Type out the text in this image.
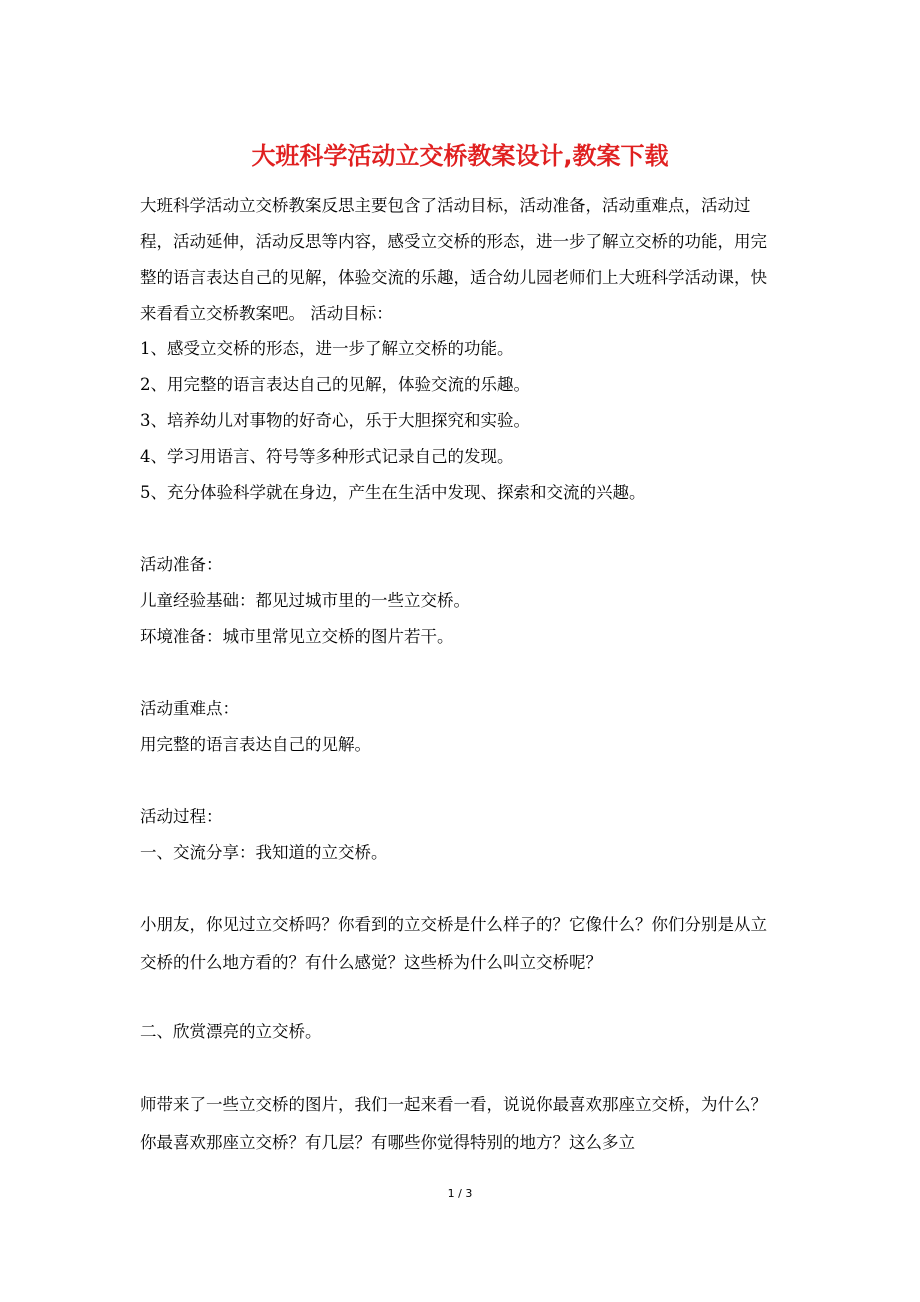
大班科学活动立交桥教案设计,教案下载
大班科学活动立交桥教案反思主要包含了活动目标，活动准备，活动重难点，活动过程，活动延伸，活动反思等内容，感受立交桥的形态，进一步了解立交桥的功能，用完整的语言表达自己的见解，体验交流的乐趣，适合幼儿园老师们上大班科学活动课，快来看看立交桥教案吧。 活动目标：
1、感受立交桥的形态，进一步了解立交桥的功能。
2、用完整的语言表达自己的见解，体验交流的乐趣。
3、培养幼儿对事物的好奇心，乐于大胆探究和实验。
4、学习用语言、符号等多种形式记录自己的发现。
5、充分体验科学就在身边，产生在生活中发现、探索和交流的兴趣。
活动准备：
儿童经验基础：都见过城市里的一些立交桥。
环境准备：城市里常见立交桥的图片若干。
活动重难点：
用完整的语言表达自己的见解。
活动过程：
一、交流分享：我知道的立交桥。
小朋友，你见过立交桥吗？你看到的立交桥是什么样子的？它像什么？你们分别是从立交桥的什么地方看的？有什么感觉？这些桥为什么叫立交桥呢？
二、欣赏漂亮的立交桥。
师带来了一些立交桥的图片，我们一起来看一看，说说你最喜欢那座立交桥，为什么？你最喜欢那座立交桥？有几层？有哪些你觉得特别的地方？这么多立
1 / 3
